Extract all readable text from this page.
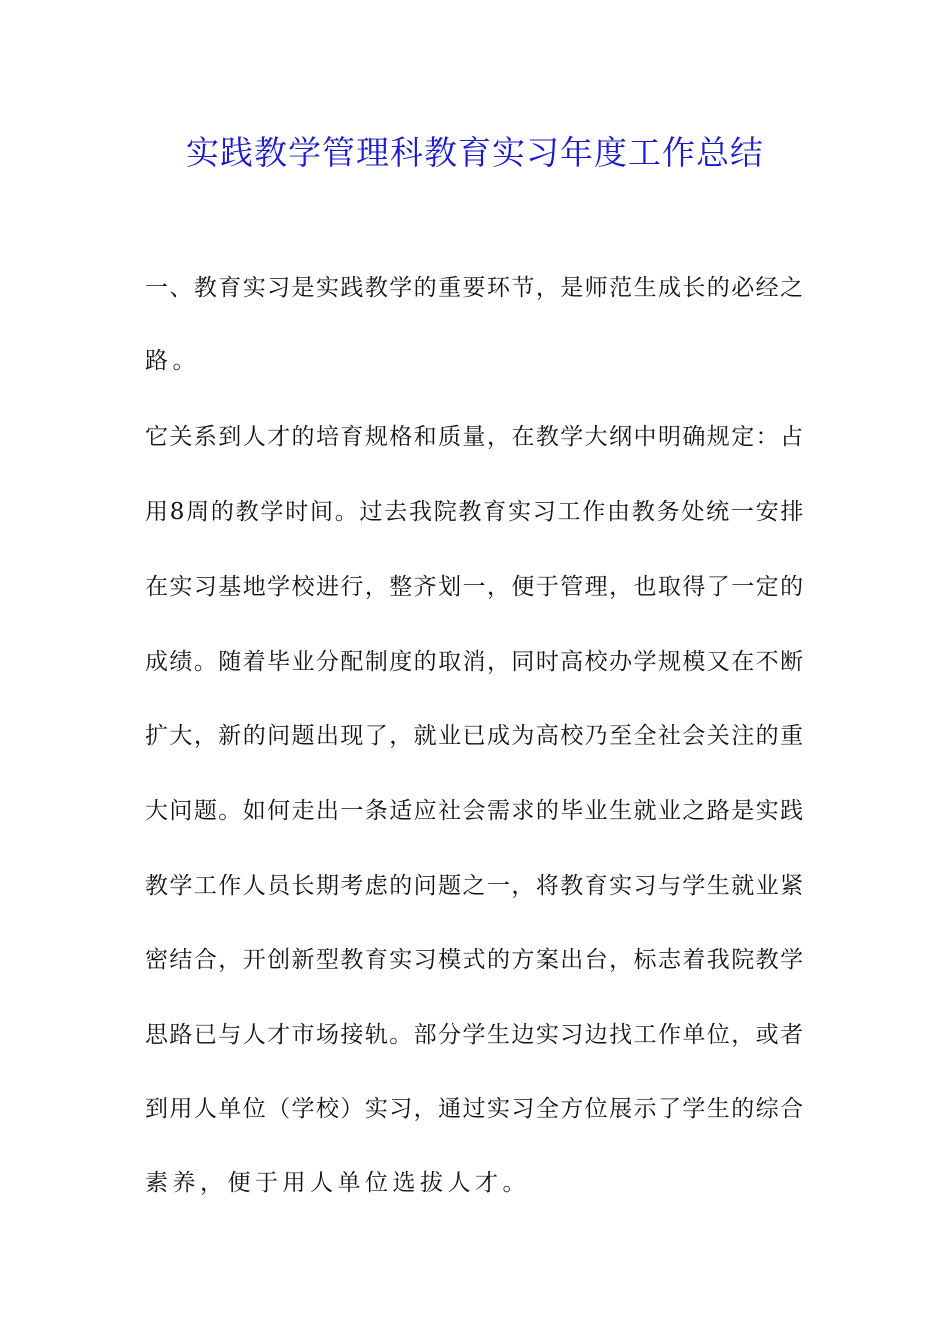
实践教学管理科教育实习年度工作总结
一、教育实习是实践教学的重要环节，是师范生成长的必经之
路。
它关系到人才的培育规格和质量，在教学大纲中明确规定：占
用8周的教学时间。过去我院教育实习工作由教务处统一安排
在实习基地学校进行，整齐划一，便于管理，也取得了一定的
成绩。随着毕业分配制度的取消，同时高校办学规模又在不断
扩大，新的问题出现了，就业已成为高校乃至全社会关注的重
大问题。如何走出一条适应社会需求的毕业生就业之路是实践
教学工作人员长期考虑的问题之一，将教育实习与学生就业紧
密结合，开创新型教育实习模式的方案出台，标志着我院教学
思路已与人才市场接轨。部分学生边实习边找工作单位，或者
到用人单位（学校）实习，通过实习全方位展示了学生的综合
素养，便于用人单位选拔人才。
